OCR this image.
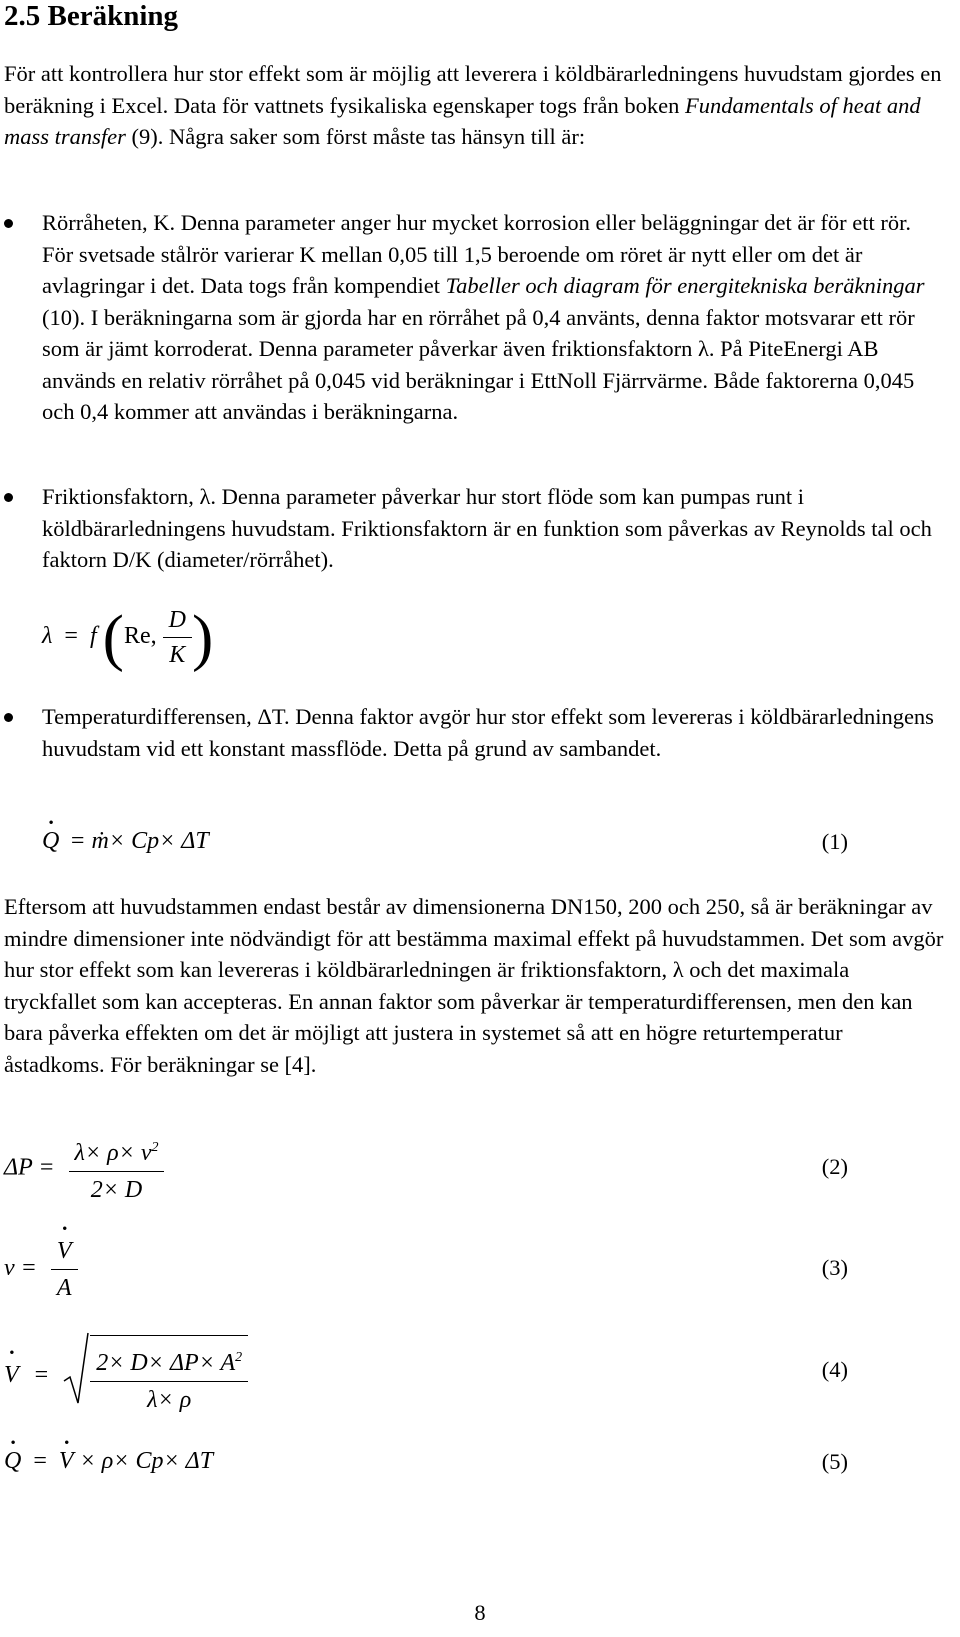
2.5 Beräkning

För att kontrollera hur stor effekt som är möjlig att leverera i köldbärarledningens huvudstam gjordes en beräkning i Excel. Data för vattnets fysikaliska egenskaper togs från boken Fundamentals of heat and mass transfer (9). Några saker som först måste tas hänsyn till är:

Rörråheten, K. Denna parameter anger hur mycket korrosion eller beläggningar det är för ett rör. För svetsade stålrör varierar K mellan 0,05 till 1,5 beroende om röret är nytt eller om det är avlagringar i det. Data togs från kompendiet Tabeller och diagram för energitekniska beräkningar (10). I beräkningarna som är gjorda har en rörråhet på 0,4 använts, denna faktor motsvarar ett rör som är jämt korroderat. Denna parameter påverkar även friktionsfaktorn λ. På PiteEnergi AB används en relativ rörråhet på 0,045 vid beräkningar i EttNoll Fjärrvärme. Både faktorerna 0,045 och 0,4 kommer att användas i beräkningarna.

Friktionsfaktorn, λ. Denna parameter påverkar hur stort flöde som kan pumpas runt i köldbärarledningens huvudstam. Friktionsfaktorn är en funktion som påverkas av Reynolds tal och faktorn D/K (diameter/rörråhet).

λ = f (Re, $\frac{D}{K}$ )

Temperaturdifferensen, ΔT. Denna faktor avgör hur stor effekt som levereras i köldbärarledningens huvudstam vid ett konstant massflöde. Detta på grund av sambandet.

· Q = ṁ× Cp× ΔT	(1)

Eftersom att huvudstammen endast består av dimensionerna DN150, 200 och 250, så är beräkningar av mindre dimensioner inte nödvändigt för att bestämma maximal effekt på huvudstammen. Det som avgör hur stor effekt som kan levereras i köldbärarledningen är friktionsfaktorn, λ och det maximala tryckfallet som kan accepteras. En annan faktor som påverkar är temperaturdifferensen, men den kan bara påverka effekten om det är möjligt att justera in systemet så att en högre returtemperatur åstadkoms. För beräkningar se [4].

$\Delta P = \frac{\lambda\times \rho\times v^2}{2\times D}$	(2)
v = · $\frac{V}{A}$	(3)
· $V = \frac{2\times D\times \Delta P\times A^2}{\lambda\times \rho}$	(4)
· Q = · V × ρ× Cp× ΔT	(5)
8
